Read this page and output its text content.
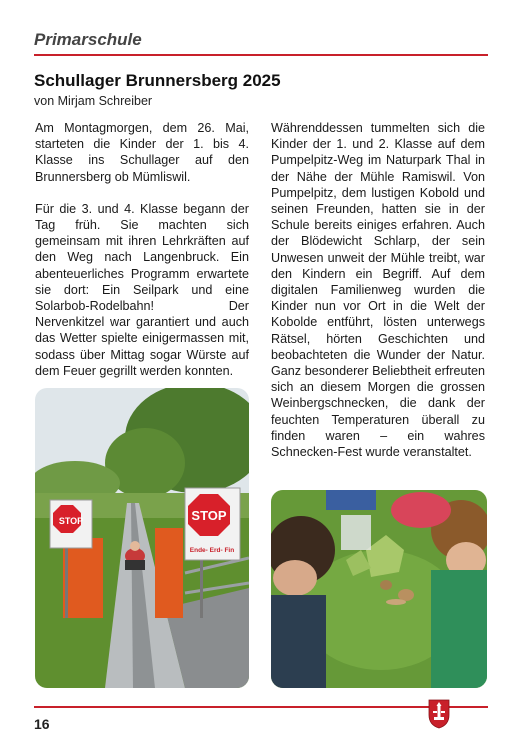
Primarschule
Schullager Brunnersberg 2025
von Mirjam Schreiber

Am Montagmorgen, dem 26. Mai, starteten die Kinder der 1. bis 4. Klasse ins Schullager auf den Brunnersberg ob Mümliswil.

Für die 3. und 4. Klasse begann der Tag früh. Sie machten sich gemeinsam mit ihren Lehrkräften auf den Weg nach Langenbruck. Ein abenteuerliches Programm erwartete sie dort: Ein Seilpark und eine Solarbob-Rodelbahn! Der Nervenkitzel war garantiert und auch das Wetter spielte einigermassen mit, sodass über Mittag sogar Würste auf dem Feuer gegrillt werden konnten.

Währenddessen tummelten sich die Kinder der 1. und 2. Klasse auf dem Pumpelpitz-Weg im Naturpark Thal in der Nähe der Mühle Ramiswil. Von Pumpelpitz, dem lustigen Kobold und seinen Freunden, hatten sie in der Schule bereits einiges erfahren. Auch der Blödewicht Schlarp, der sein Unwesen unweit der Mühle treibt, war den Kindern ein Begriff. Auf dem digitalen Familienweg wurden die Kinder nun vor Ort in die Welt der Kobolde entführt, lösten unterwegs Rätsel, hörten Geschichten und beobachteten die Wunder der Natur. Ganz besonderer Beliebtheit erfreuten sich an diesem Morgen die grossen Weinbergschnecken, die dank der feuchten Temperaturen überall zu finden waren – ein wahres Schnecken-Fest wurde veranstaltet.

STOP	STOP
Ende- Erd- Fin
16
